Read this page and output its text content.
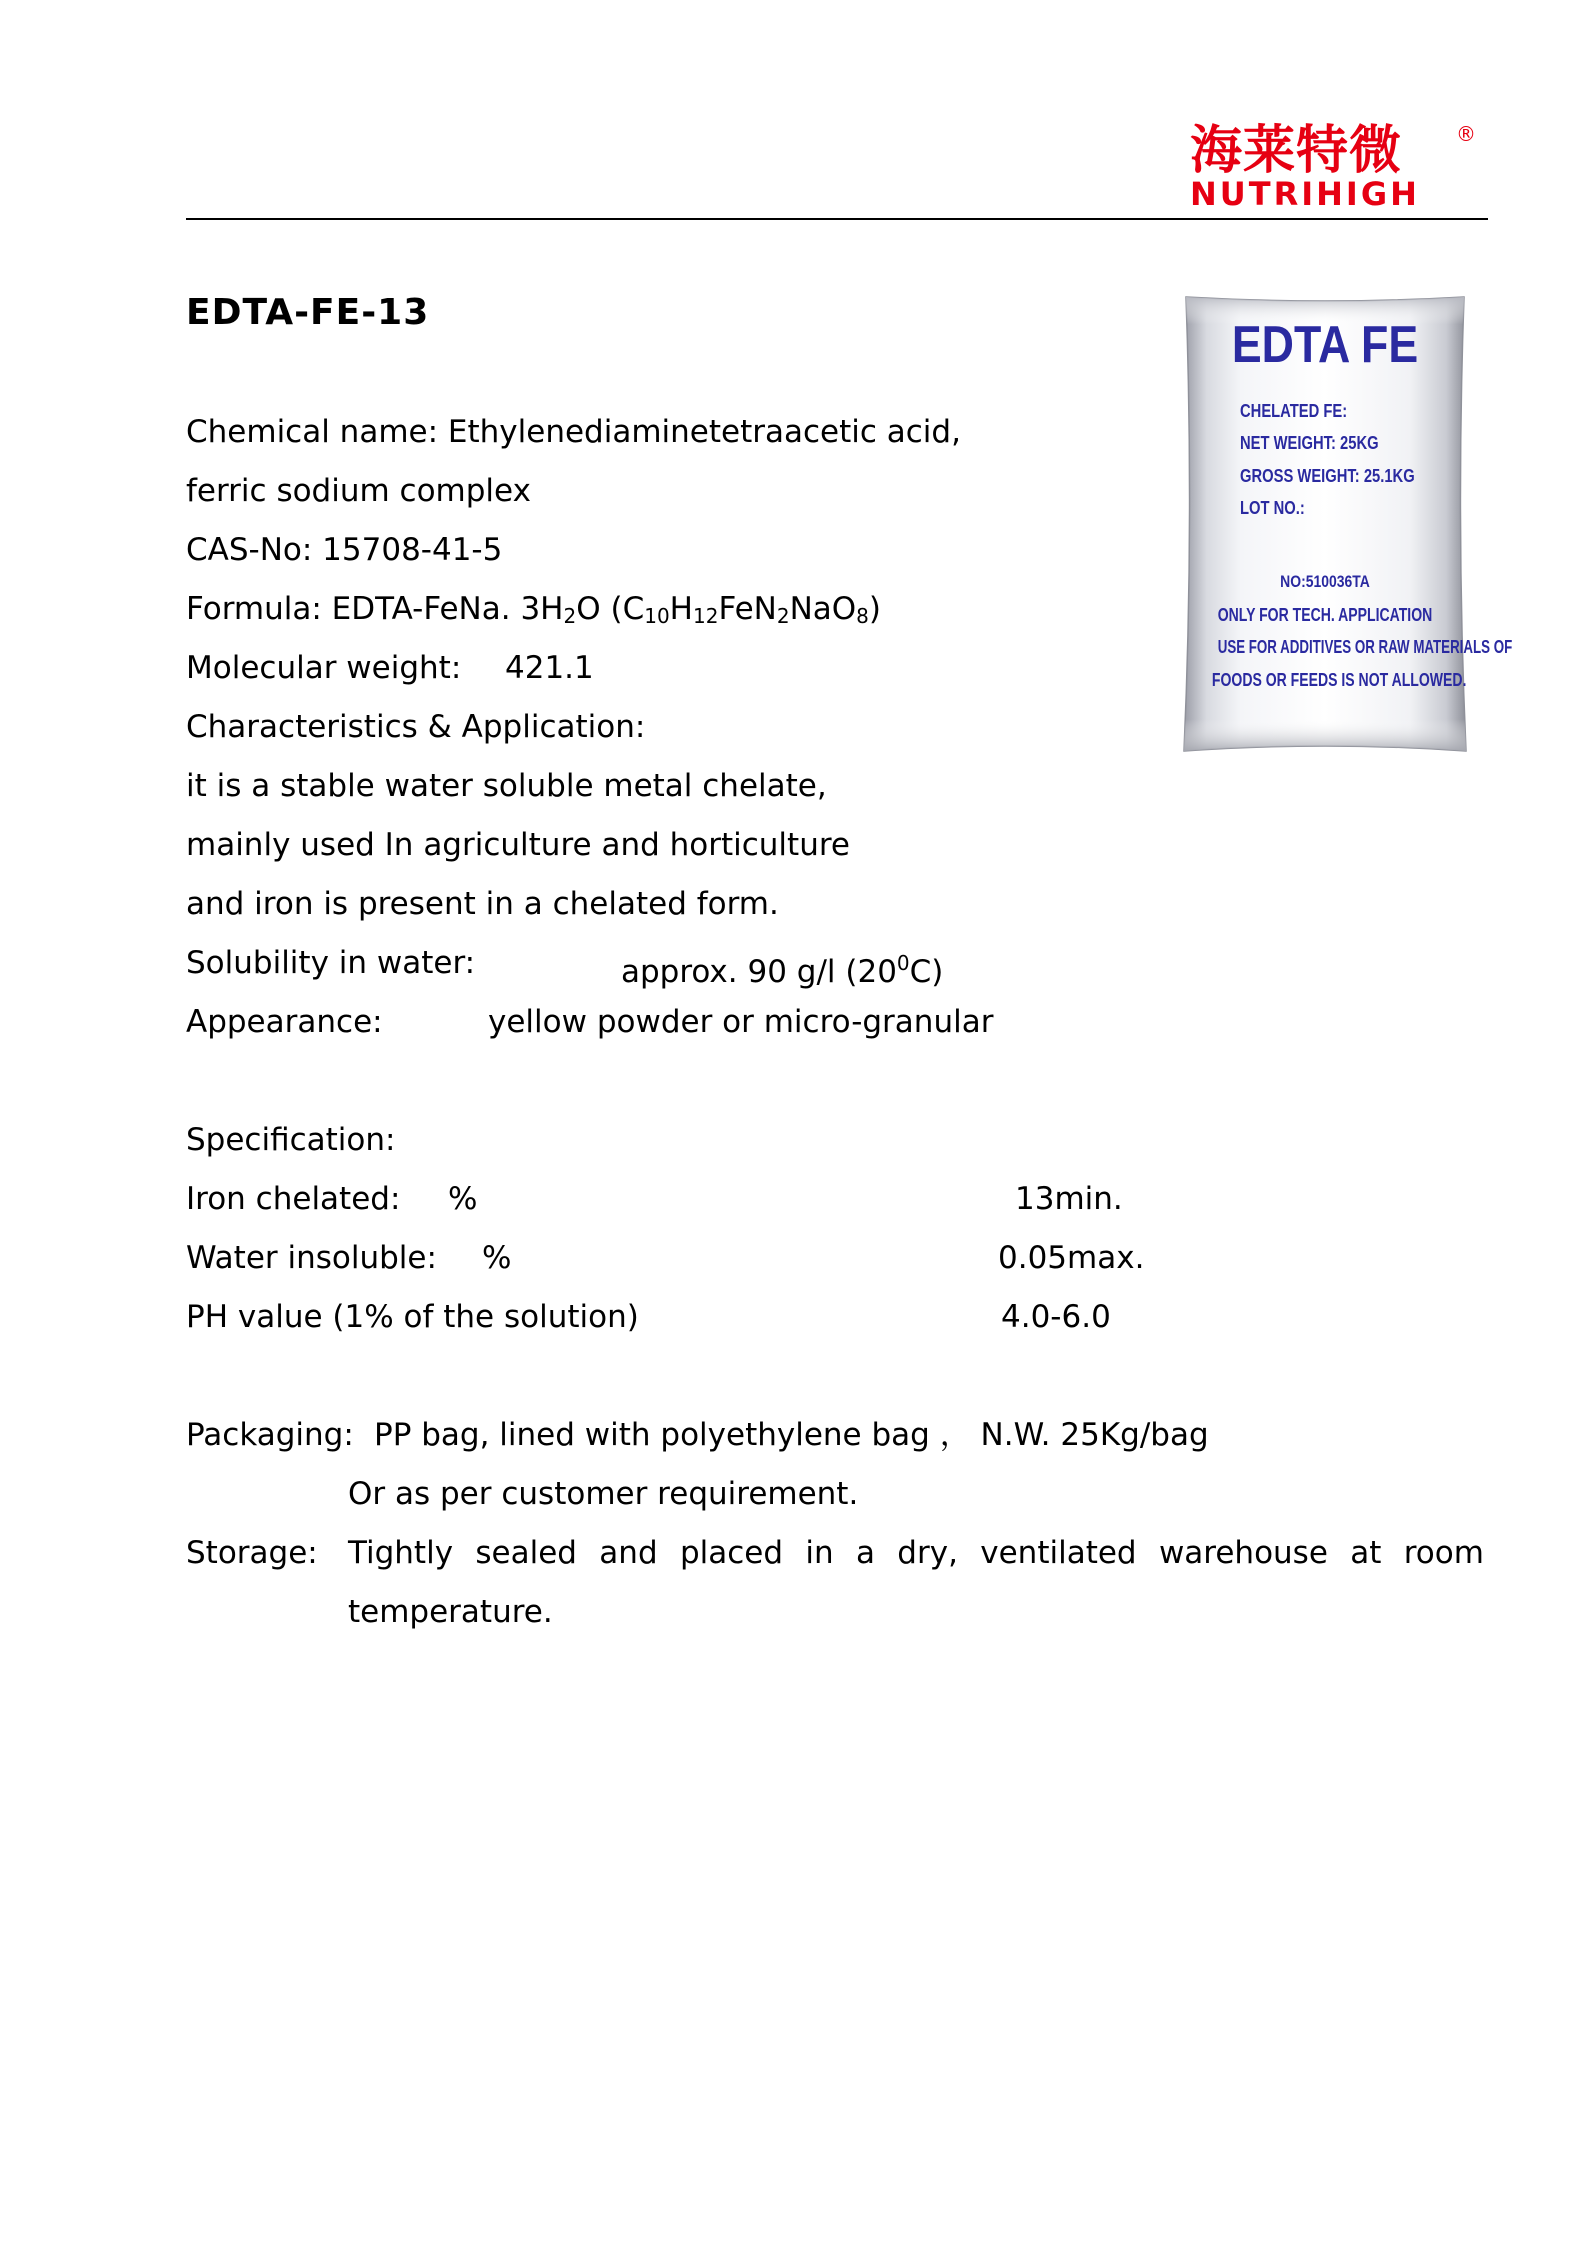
海莱特微
NUTRIHIGH
®
EDTA-FE-13
Chemical name: Ethylenediaminetetraacetic acid,
ferric sodium complex
CAS-No: 15708-41-5
Formula: EDTA-FeNa. $3H_2O$ $(C_{10}H_{12}FeN_2NaO_8)$
Molecular weight: 421.1
Characteristics & Application:
it is a stable water soluble metal chelate,
mainly used In agriculture and horticulture
and iron is present in a chelated form.
Solubility in water:	approx. 90 g/l $(20^0C)$
Appearance:	yellow powder or micro-granular
Specification:
Iron chelated: %	13min.
Water insoluble: %	0.05max.
PH value (1% of the solution)	4.0-6.0
Packaging: PP bag, lined with polyethylene bag ， N.W. 25Kg/bag
Or as per customer requirement.
Storage: Tightly sealed and placed in a dry, ventilated warehouse at room
temperature.
EDTA FE
CHELATED FE:
NET WEIGHT: 25KG
GROSS WEIGHT: 25.1KG
LOT NO.:
NO:510036TA
ONLY FOR TECH. APPLICATION
USE FOR ADDITIVES OR RAW MATERIALS OF
FOODS OR FEEDS IS NOT ALLOWED.
